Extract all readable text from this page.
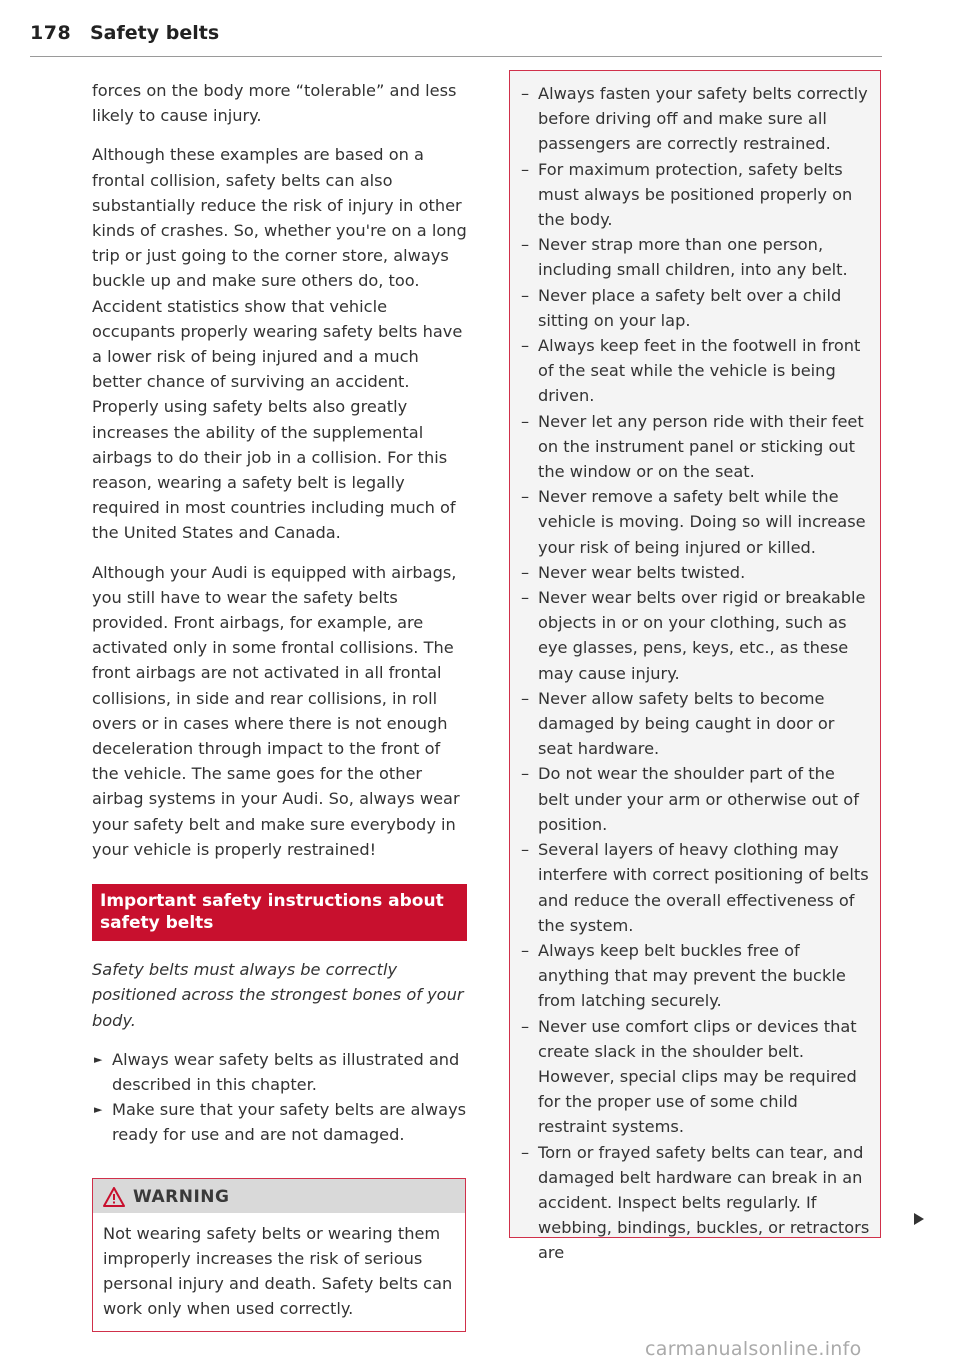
178 Safety belts

forces on the body more “tolerable” and less likely to cause injury.

Although these examples are based on a frontal collision, safety belts can also substantially reduce the risk of injury in other kinds of crashes. So, whether you're on a long trip or just going to the corner store, always buckle up and make sure others do, too. Accident statistics show that vehicle occupants properly wearing safety belts have a lower risk of being injured and a much better chance of surviving an accident. Properly using safety belts also greatly increases the ability of the supplemental airbags to do their job in a collision. For this reason, wearing a safety belt is legally required in most countries including much of the United States and Canada.

Although your Audi is equipped with airbags, you still have to wear the safety belts provided. Front airbags, for example, are activated only in some frontal collisions. The front airbags are not activated in all frontal collisions, in side and rear collisions, in roll overs or in cases where there is not enough deceleration through impact to the front of the vehicle. The same goes for the other airbag systems in your Audi. So, always wear your safety belt and make sure everybody in your vehicle is properly restrained!

Important safety instructions about safety belts

Safety belts must always be correctly positioned across the strongest bones of your body.

► Always wear safety belts as illustrated and described in this chapter.
► Make sure that your safety belts are always ready for use and are not damaged.
WARNING
Not wearing safety belts or wearing them improperly increases the risk of serious personal injury and death. Safety belts can work only when used correctly.
– Always fasten your safety belts correctly before driving off and make sure all passengers are correctly restrained.
– For maximum protection, safety belts must always be positioned properly on the body.
– Never strap more than one person, including small children, into any belt.
– Never place a safety belt over a child sitting on your lap.
– Always keep feet in the footwell in front of the seat while the vehicle is being driven.
– Never let any person ride with their feet on the instrument panel or sticking out the window or on the seat.
– Never remove a safety belt while the vehicle is moving. Doing so will increase your risk of being injured or killed.
– Never wear belts twisted.
– Never wear belts over rigid or breakable objects in or on your clothing, such as eye glasses, pens, keys, etc., as these may cause injury.
– Never allow safety belts to become damaged by being caught in door or seat hardware.
– Do not wear the shoulder part of the belt under your arm or otherwise out of position.
– Several layers of heavy clothing may interfere with correct positioning of belts and reduce the overall effectiveness of the system.
– Always keep belt buckles free of anything that may prevent the buckle from latching securely.
– Never use comfort clips or devices that create slack in the shoulder belt. However, special clips may be required for the proper use of some child restraint systems.
– Torn or frayed safety belts can tear, and damaged belt hardware can break in an accident. Inspect belts regularly. If webbing, bindings, buckles, or retractors are
carmanualsonline.info
